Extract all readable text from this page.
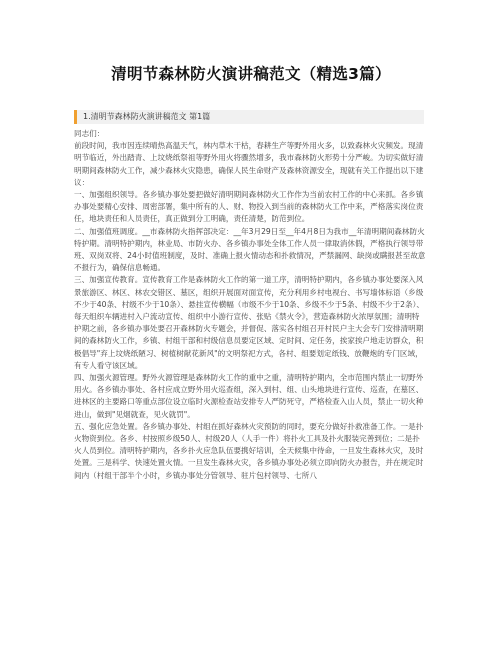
清明节森林防火演讲稿范文（精选3篇）
1.清明节森林防火演讲稿范文 第1篇

同志们：

前段时间，我市因连续晴热高温天气，林内草木干枯，春耕生产等野外用火多，以致森林火灾频发。现清明节临近，外出踏青、上坟烧纸祭祖等野外用火将骤然增多，我市森林防火形势十分严峻。为切实做好清明期间森林防火工作，减少森林火灾隐患，确保人民生命财产及森林资源安全，现就有关工作提出以下建议：

一、加强组织领导。各乡镇办事处要把做好清明期间森林防火工作作为当前农村工作的中心来抓。各乡镇办事处要精心安排、周密部署，集中所有的人、财、物投入到当前的森林防火工作中来，严格落实岗位责任，地块责任和人员责任，真正做到分工明确，责任清楚，防范到位。

二、加强值班调度。__市森林防火指挥部决定：__年3月29日至__年4月8日为我市__年清明期间森林防火特护期。清明特护期内，林业局、市防火办、各乡镇办事处全体工作人员一律取消休假，严格执行领导带班、双岗双将、24小时值班制度，及时、准确上报火情动态和扑救情况，严禁漏网、缺岗或瞒报甚至故意不报行为，确保信息畅通。

三、加强宣传教育。宣传教育工作是森林防火工作的第一道工序，清明特护期内，各乡镇办事处要深入风景旅游区、林区、林农交错区、墓区，组织开展面对面宣传，充分利用乡村电视台、书写墙体标语（乡级不少于40条、村级不少于10条）、悬挂宣传横幅（市级不少于10条、乡级不少于5条、村级不少于2条）、每天组织车辆进村入户流动宣传、组织中小游行宣传、张贴《禁火令》，营造森林防火浓厚氛围；清明特护期之前，各乡镇办事处要召开森林防火专题会，并督促、落实各村组召开村民户主大会专门安排清明期间的森林防火工作，乡镇、村组干部和村级信息员要定区域、定时间、定任务，挨家挨户地走访群众，积极倡导"弃上坟烧纸陋习、树植树献花新风"的文明祭祀方式，各村、组要划定纸钱、放鞭炮的专门区域，有专人看守该区域。

四、加强火源管理。野外火源管理是森林防火工作的重中之重，清明特护期内，全市范围内禁止一切野外用火。各乡镇办事处、各村应成立野外用火巡查组，深入到村、组、山头地块进行宣传、巡查，在墓区、进林区的主要路口等重点部位设立临时火源检查站安排专人严防死守，严格检查入山人员，禁止一切火种进山，做到"见烟就查，见火就罚"。

五、强化应急处置。各乡镇办事处、村组在抓好森林火灾预防的同时，要充分做好扑救准备工作。一是扑火物资到位。各乡、村按照乡级50人、村级20人（人手一件）将扑火工具及扑火服装完善到位；二是扑火人员到位。清明特护期内，各乡扑火应急队伍要携好培训，全天候集中待命，一旦发生森林火灾，及时处置。三是科学、快速处置火情。一旦发生森林火灾，各乡镇办事处必须立即向防火办报告，并在规定时间内（村组干部半个小时，乡镇办事处分管领导、驻片包村领导、七所八
